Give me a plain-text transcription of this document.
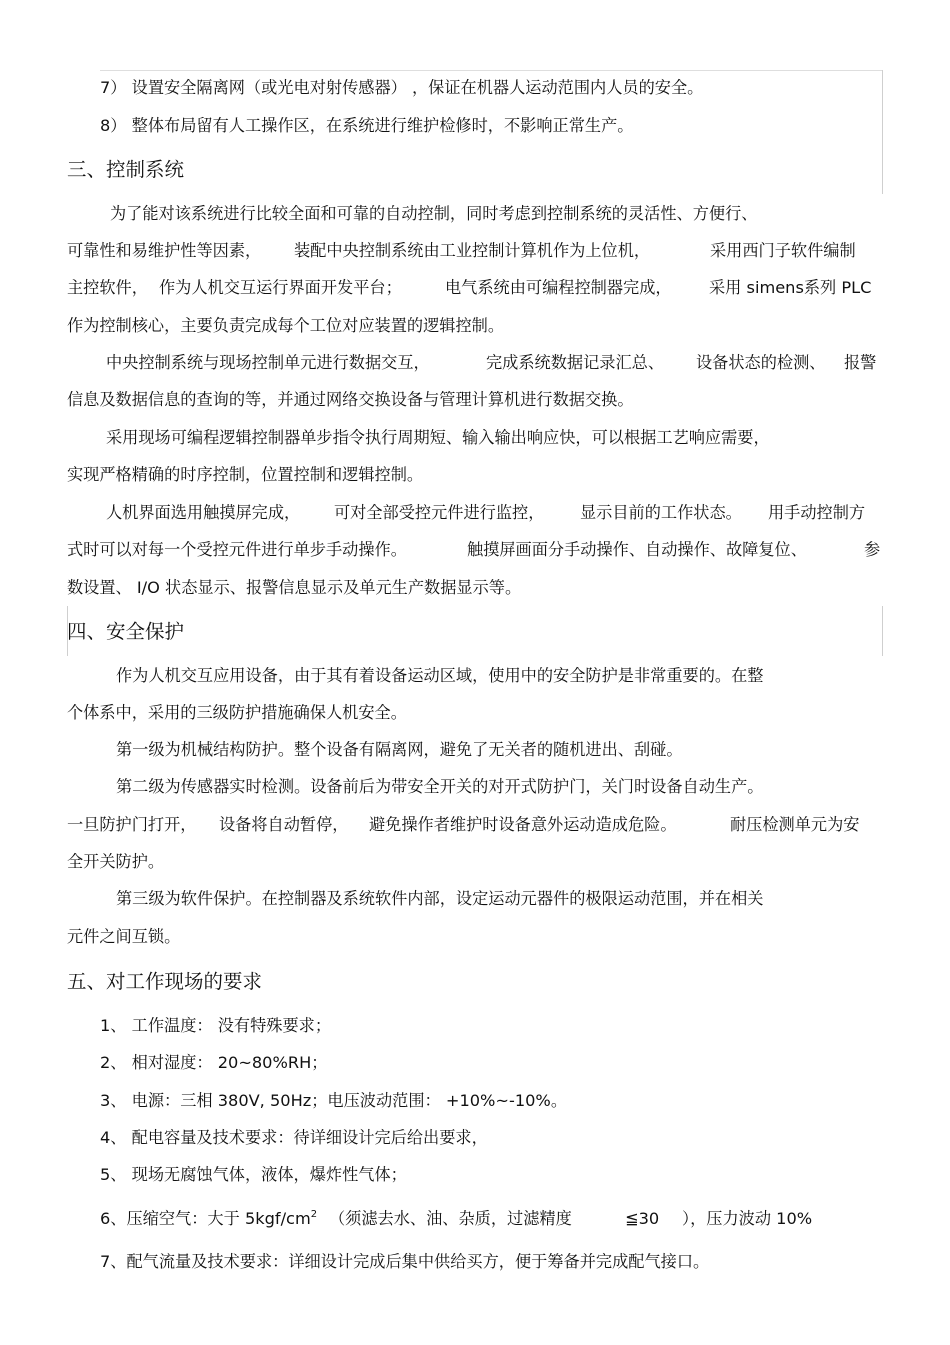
7） 设置安全隔离网（或光电对射传感器） ，保证在机器人运动范围内人员的安全。
8） 整体布局留有人工操作区，在系统进行维护检修时，不影响正常生产。
三、控制系统
为了能对该系统进行比较全面和可靠的自动控制，同时考虑到控制系统的灵活性、方便行、
可靠性和易维护性等因素， 装配中央控制系统由工业控制计算机作为上位机，	采用西门子软件编制
主控软件， 作为人机交互运行界面开发平台；	电气系统由可编程控制器完成， 采用 simens系列 PLC
作为控制核心，主要负责完成每个工位对应装置的逻辑控制。
中央控制系统与现场控制单元进行数据交互，	完成系统数据记录汇总、 设备状态的检测、 报警
信息及数据信息的查询的等，并通过网络交换设备与管理计算机进行数据交换。
采用现场可编程逻辑控制器单步指令执行周期短、输入输出响应快，可以根据工艺响应需要，
实现严格精确的时序控制，位置控制和逻辑控制。
人机界面选用触摸屏完成， 可对全部受控元件进行监控， 显示目前的工作状态。 用手动控制方
式时可以对每一个受控元件进行单步手动操作。	触摸屏画面分手动操作、自动操作、故障复位、	参
数设置、 I/O 状态显示、报警信息显示及单元生产数据显示等。
四、安全保护
作为人机交互应用设备，由于其有着设备运动区域，使用中的安全防护是非常重要的。在整
个体系中，采用的三级防护措施确保人机安全。
第一级为机械结构防护。整个设备有隔离网，避免了无关者的随机进出、刮碰。
第二级为传感器实时检测。设备前后为带安全开关的对开式防护门，关门时设备自动生产。
一旦防护门打开， 设备将自动暂停， 避免操作者维护时设备意外运动造成危险。	耐压检测单元为安
全开关防护。
第三级为软件保护。在控制器及系统软件内部，设定运动元器件的极限运动范围，并在相关
元件之间互锁。
五、对工作现场的要求
1、 工作温度： 没有特殊要求；
2、 相对湿度： 20~80%RH；
3、 电源：三相 380V, 50Hz；电压波动范围： +10%~-10%。
4、 配电容量及技术要求：待详细设计完后给出要求，
5、 现场无腐蚀气体，液体，爆炸性气体；
6、压缩空气：大于 $5kgf/cm^2$ （须滤去水、油、杂质，过滤精度	≦30 ），压力波动 10%
7、配气流量及技术要求：详细设计完成后集中供给买方，便于筹备并完成配气接口。
